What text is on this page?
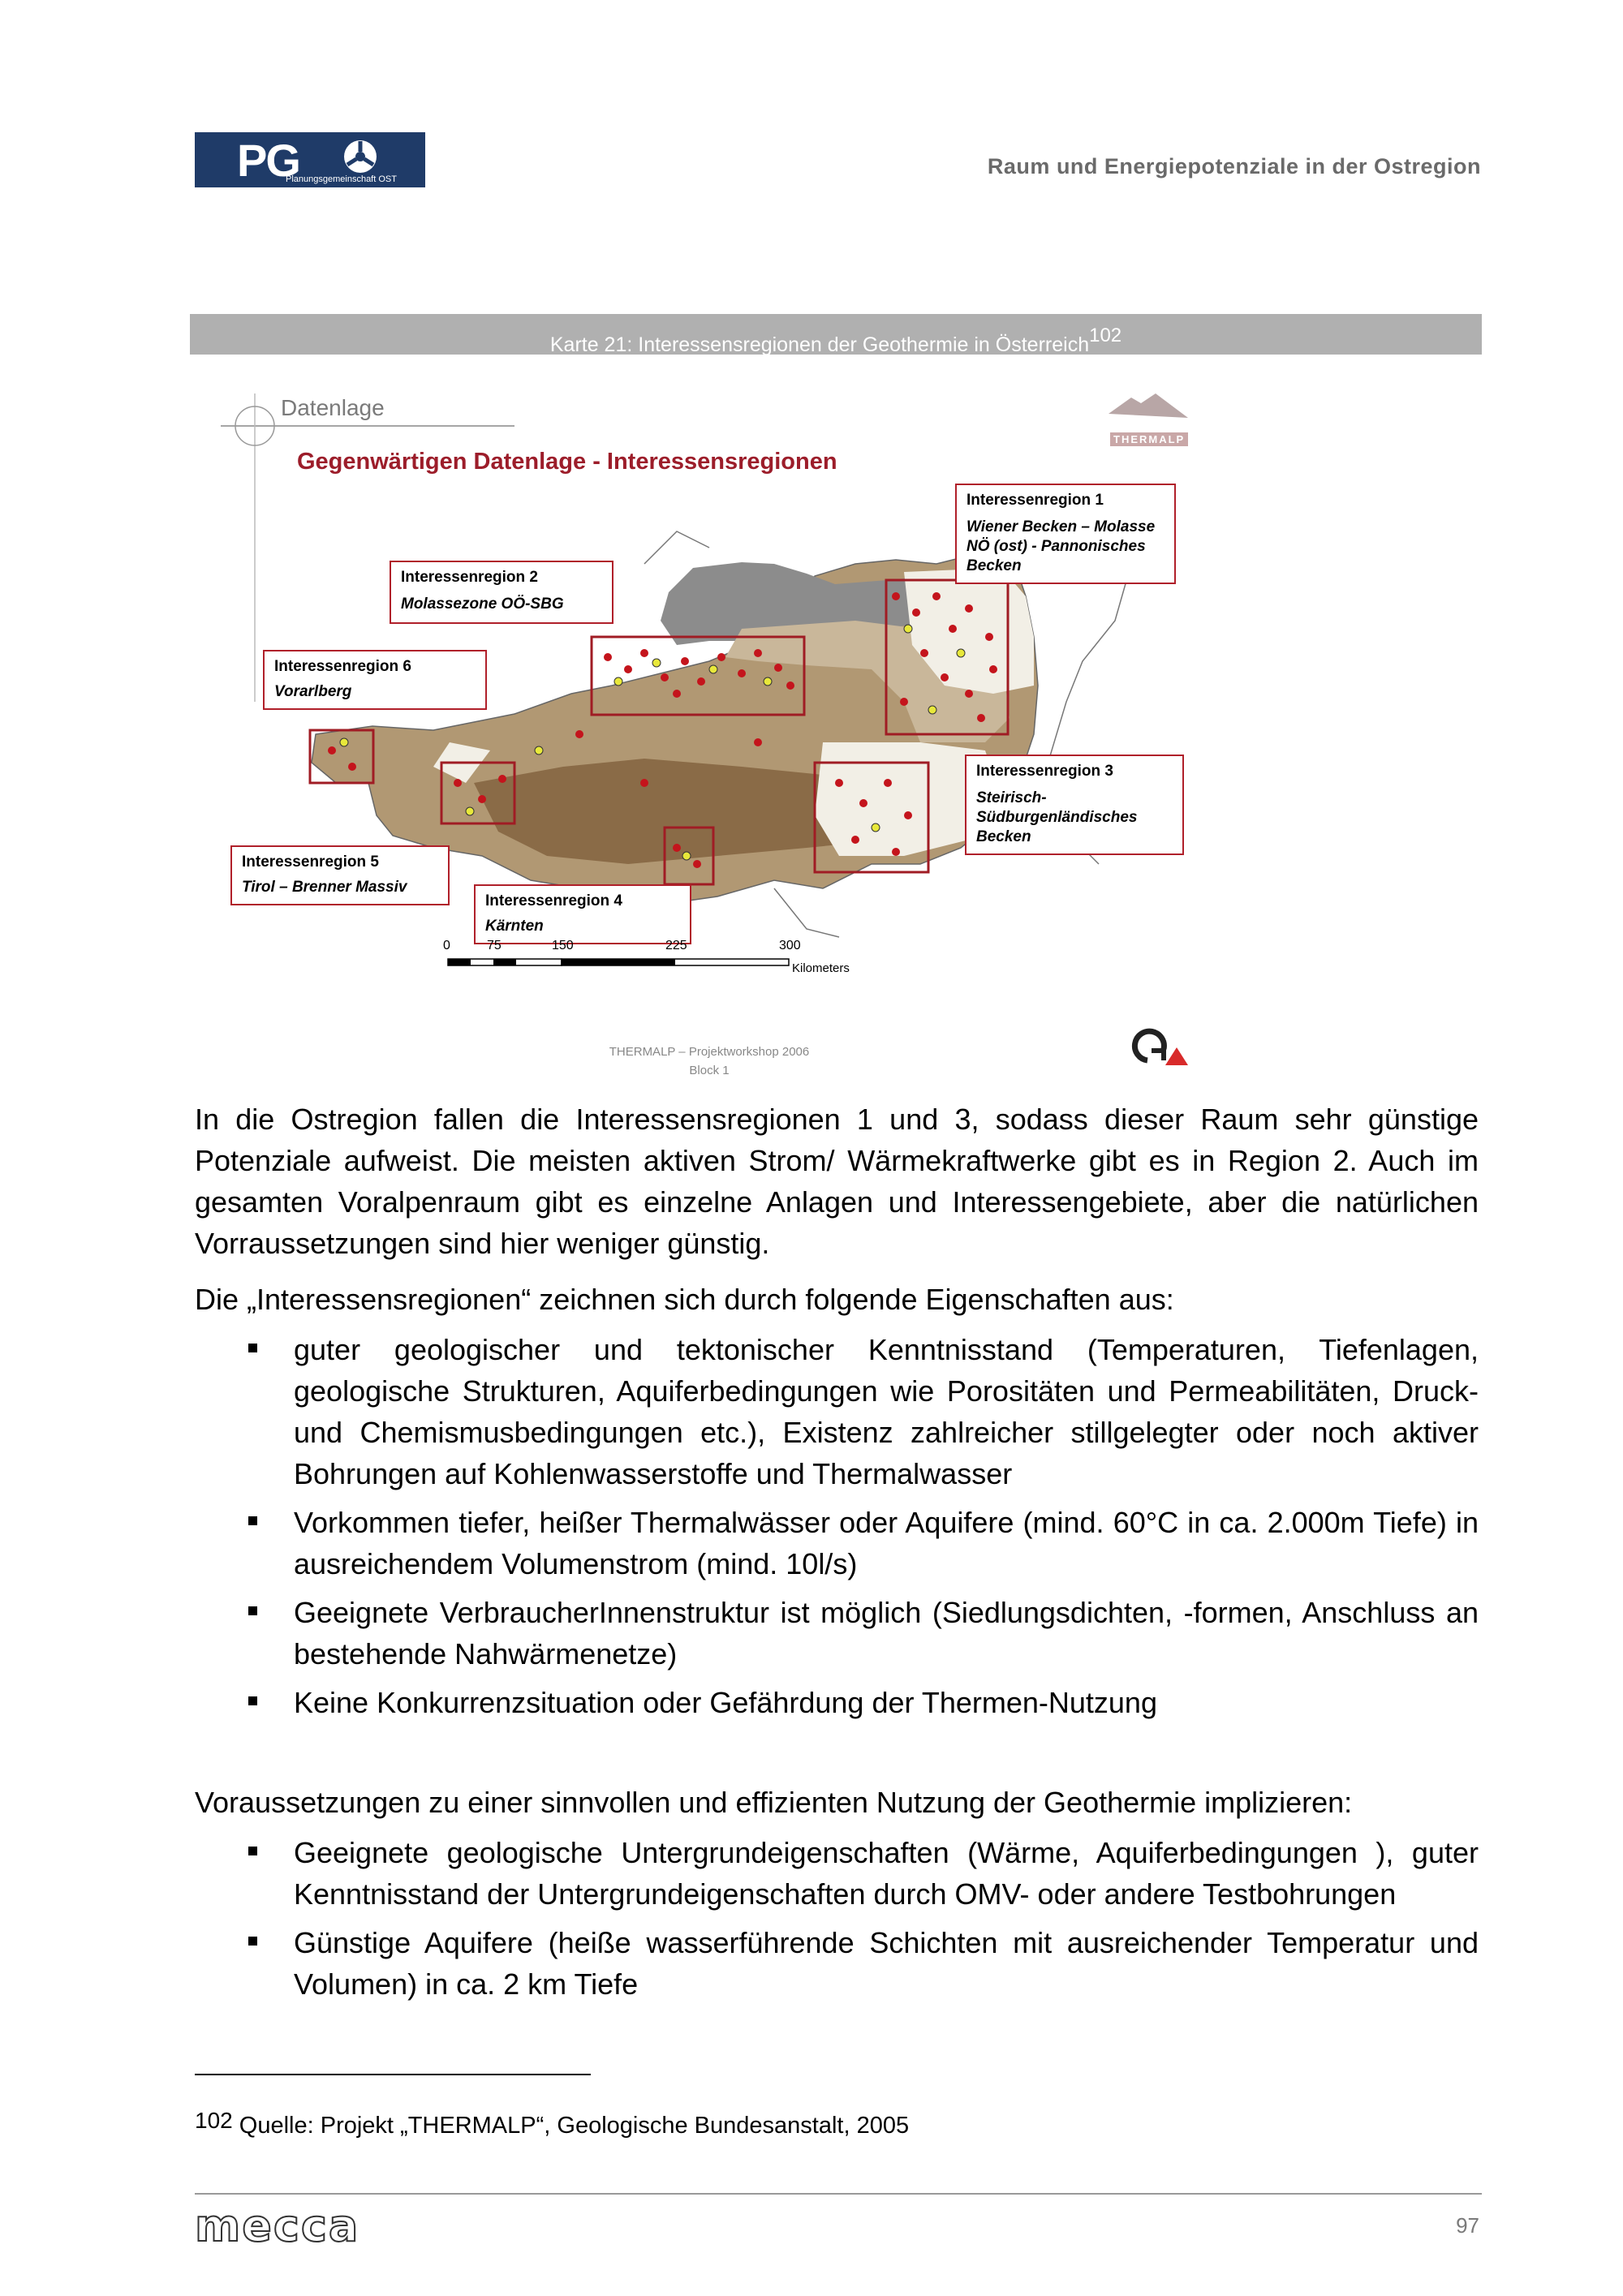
PG
Planungsgemeinschaft OST
Raum und Energiepotenziale in der Ostregion
Karte 21: Interessensregionen der Geothermie in Österreich$^{102}$
Datenlage
Gegenwärtigen Datenlage - Interessensregionen
THERMALP
Interessenregion 1
Wiener Becken – Molasse
NÖ (ost) - Pannonisches
Becken
Interessenregion 2
Molassezone OÖ-SBG
Interessenregion 3
Steirisch-
Südburgenländisches
Becken
Interessenregion 4
Kärnten
Interessenregion 5
Tirol – Brenner Massiv
Interessenregion 6
Vorarlberg
0	75	150	225	300
Kilometers
THERMALP – Projektworkshop 2006
Block 1

In die Ostregion fallen die Interessensregionen 1 und 3, sodass dieser Raum sehr günstige Potenziale aufweist. Die meisten aktiven Strom/ Wärmekraftwerke gibt es in Region 2. Auch im gesamten Voralpenraum gibt es einzelne Anlagen und Interessengebiete, aber die natürlichen Vorraussetzungen sind hier weniger günstig.

Die „Interessensregionen“ zeichnen sich durch folgende Eigenschaften aus:

guter geologischer und tektonischer Kenntnisstand (Temperaturen, Tiefenlagen, geologische Strukturen, Aquiferbedingungen wie Porositäten und Permeabilitäten, Druck- und Chemismusbedingungen etc.), Existenz zahlreicher stillgelegter oder noch aktiver Bohrungen auf Kohlenwasserstoffe und Thermalwasser
Vorkommen tiefer, heißer Thermalwässer oder Aquifere (mind. 60°C in ca. 2.000m Tiefe) in ausreichendem Volumenstrom (mind. 10l/s)
Geeignete VerbraucherInnenstruktur ist möglich (Siedlungsdichten, -formen, Anschluss an bestehende Nahwärmenetze)
Keine Konkurrenzsituation oder Gefährdung der Thermen-Nutzung

Voraussetzungen zu einer sinnvollen und effizienten Nutzung der Geothermie implizieren:

Geeignete geologische Untergrundeigenschaften (Wärme, Aquiferbedingungen ), guter Kenntnisstand der Untergrundeigenschaften durch OMV- oder andere Testbohrungen
Günstige Aquifere (heiße wasserführende Schichten mit ausreichender Temperatur und Volumen) in ca. 2 km Tiefe
$^{102}$ Quelle: Projekt „THERMALP“, Geologische Bundesanstalt, 2005
mecca	97
